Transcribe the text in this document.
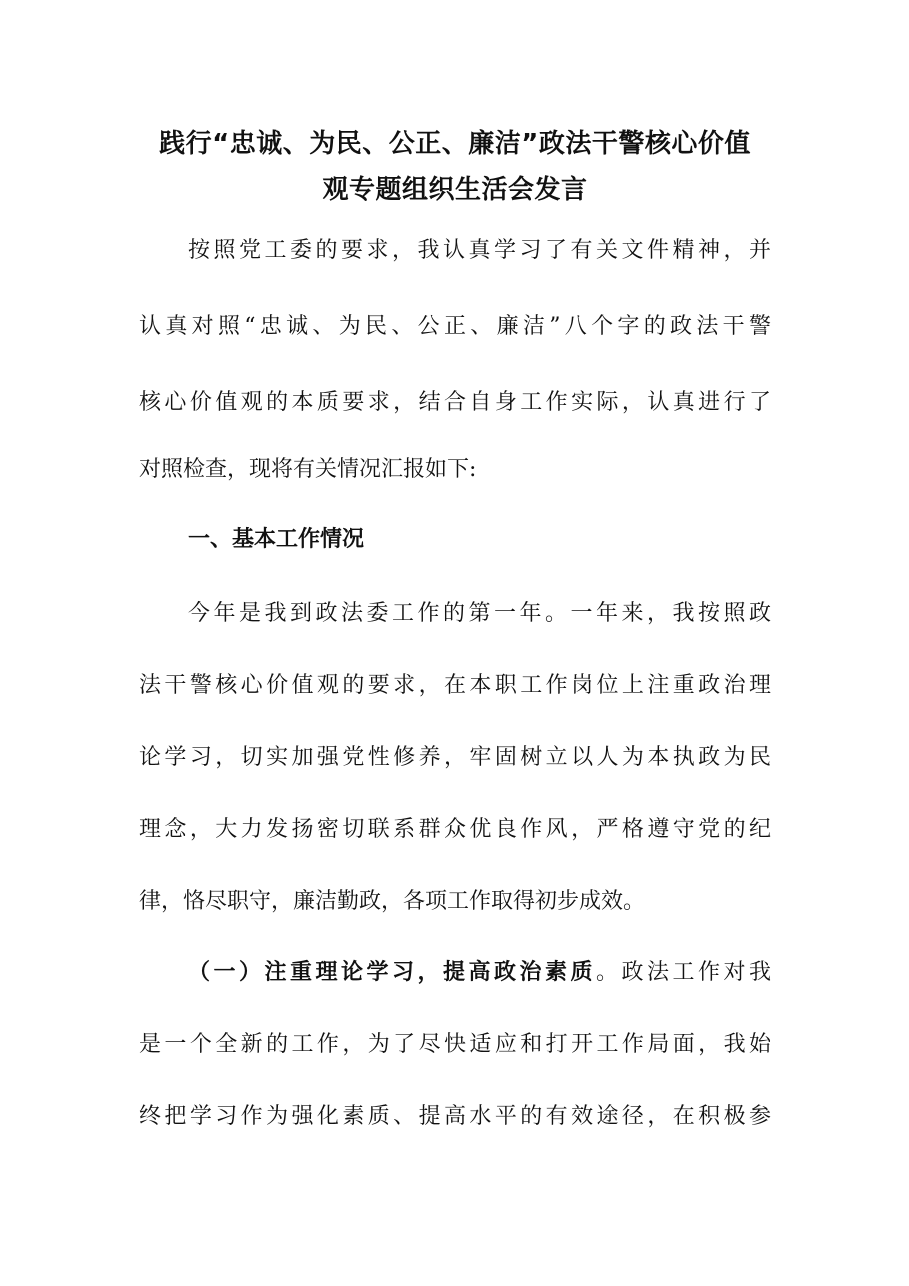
践行“忠诚、为民、公正、廉洁”政法干警核心价值
观专题组织生活会发言

按照党工委的要求，我认真学习了有关文件精神，并

认真对照“忠诚、为民、公正、廉洁”八个字的政法干警

核心价值观的本质要求，结合自身工作实际，认真进行了

对照检查，现将有关情况汇报如下:

一、基本工作情况

今年是我到政法委工作的第一年。一年来，我按照政

法干警核心价值观的要求，在本职工作岗位上注重政治理

论学习，切实加强党性修养，牢固树立以人为本执政为民

理念，大力发扬密切联系群众优良作风，严格遵守党的纪

律，恪尽职守，廉洁勤政，各项工作取得初步成效。

（一）注重理论学习，提高政治素质。政法工作对我

是一个全新的工作，为了尽快适应和打开工作局面，我始

终把学习作为强化素质、提高水平的有效途径，在积极参
